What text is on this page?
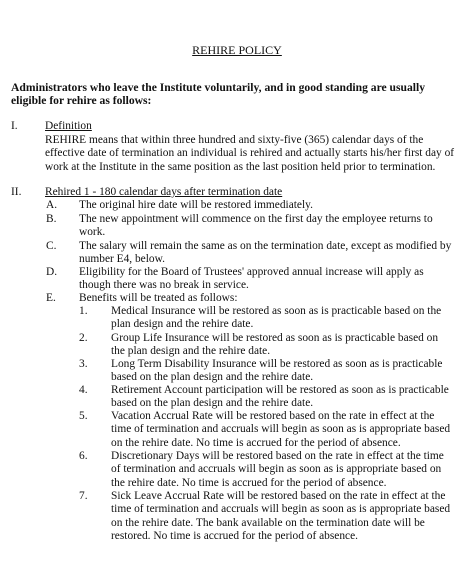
REHIRE POLICY
Administrators who leave the Institute voluntarily, and in good standing are usually
eligible for rehire as follows:
I. Definition
REHIRE means that within three hundred and sixty-five (365) calendar days of the
effective date of termination an individual is rehired and actually starts his/her first day of
work at the Institute in the same position as the last position held prior to termination.
II. Rehired 1 - 180 calendar days after termination date
A. The original hire date will be restored immediately.
B. The new appointment will commence on the first day the employee returns to
work.
C. The salary will remain the same as on the termination date, except as modified by
number E4, below.
D. Eligibility for the Board of Trustees' approved annual increase will apply as
though there was no break in service.
E. Benefits will be treated as follows:
1. Medical Insurance will be restored as soon as is practicable based on the
plan design and the rehire date.
2. Group Life Insurance will be restored as soon as is practicable based on
the plan design and the rehire date.
3. Long Term Disability Insurance will be restored as soon as is practicable
based on the plan design and the rehire date.
4. Retirement Account participation will be restored as soon as is practicable
based on the plan design and the rehire date.
5. Vacation Accrual Rate will be restored based on the rate in effect at the
time of termination and accruals will begin as soon as is appropriate based
on the rehire date. No time is accrued for the period of absence.
6. Discretionary Days will be restored based on the rate in effect at the time
of termination and accruals will begin as soon as is appropriate based on
the rehire date. No time is accrued for the period of absence.
7. Sick Leave Accrual Rate will be restored based on the rate in effect at the
time of termination and accruals will begin as soon as is appropriate based
on the rehire date. The bank available on the termination date will be
restored. No time is accrued for the period of absence.
